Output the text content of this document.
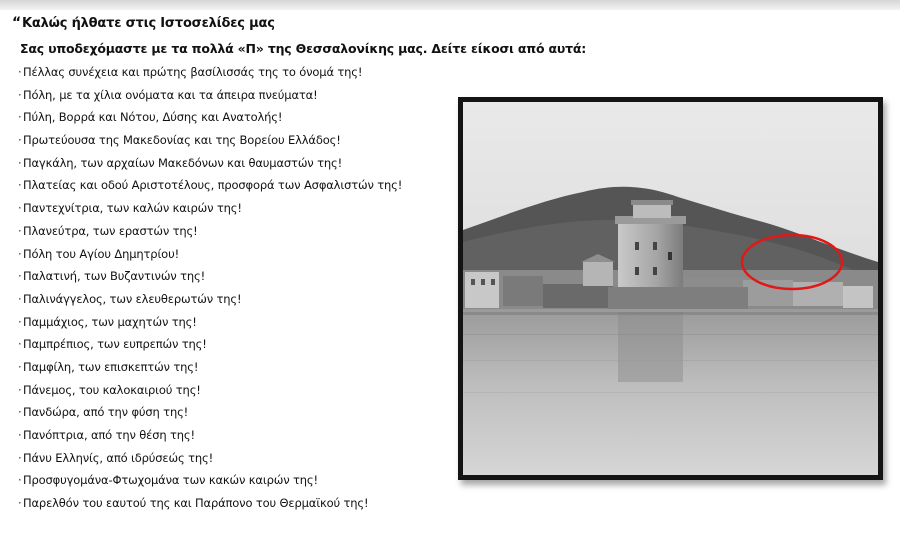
“Καλώς ήλθατε στις Ιστοσελίδες μας
Σας υποδεχόμαστε με τα πολλά «Π» της Θεσσαλονίκης μας. Δείτε είκοσι από αυτά:
·Πέλλας συνέχεια και πρώτης βασίλισσάς της το όνομά της!
·Πόλη, με τα χίλια ονόματα και τα άπειρα πνεύματα!
·Πύλη, Βορρά και Νότου, Δύσης και Ανατολής!
·Πρωτεύουσα της Μακεδονίας και της Βορείου Ελλάδος!
·Παγκάλη, των αρχαίων Μακεδόνων και θαυμαστών της!
·Πλατείας και οδού Αριστοτέλους, προσφορά των Ασφαλιστών της!
·Παντεχνίτρια, των καλών καιρών της!
·Πλανεύτρα, των εραστών της!
·Πόλη του Αγίου Δημητρίου!
·Παλατινή, των Βυζαντινών της!
·Παλινάγγελος, των ελευθερωτών της!
·Παμμάχιος, των μαχητών της!
·Παμπρέπιος, των ευπρεπών της!
·Παμφίλη, των επισκεπτών της!
·Πάνεμος, του καλοκαιριού της!
·Πανδώρα, από την φύση της!
·Πανόπτρια, από την θέση της!
·Πάνυ Ελληνίς, από ιδρύσεώς της!
·Προσφυγομάνα-Φτωχομάνα των κακών καιρών της!
·Παρελθόν του εαυτού της και Παράπονο του Θερμαϊκού της!
